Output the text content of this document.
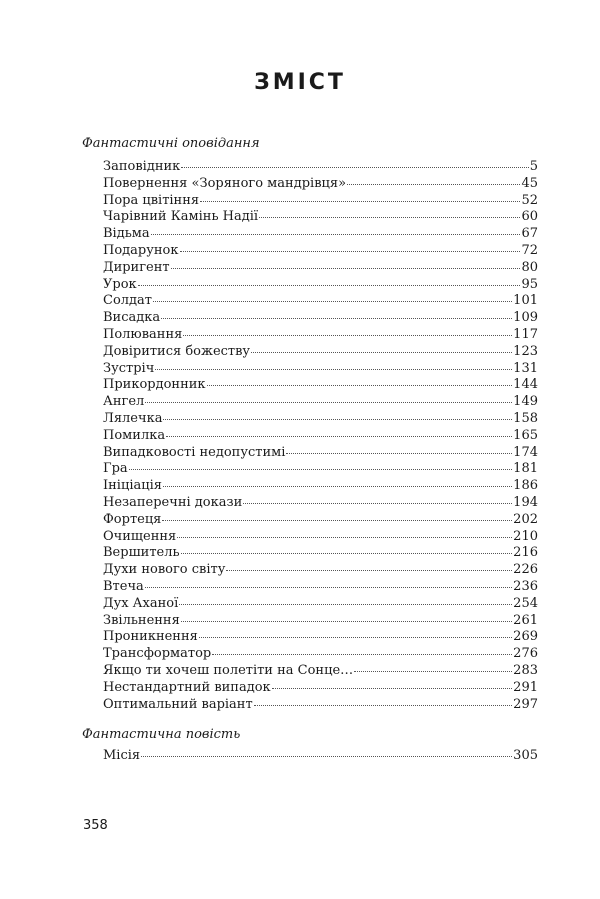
ЗМІСТ
Фантастичні оповідання
Заповідник	5
Повернення «Зоряного мандрівця»	45
Пора цвітіння	52
Чарівний Камінь Надії	60
Відьма	67
Подарунок	72
Диригент	80
Урок	95
Солдат	101
Висадка	109
Полювання	117
Довіритися божеству	123
Зустріч	131
Прикордонник	144
Ангел	149
Лялечка	158
Помилка	165
Випадковості недопустимі	174
Гра	181
Ініціація	186
Незаперечні докази	194
Фортеця	202
Очищення	210
Вершитель	216
Духи нового світу	226
Втеча	236
Дух Аханої	254
Звільнення	261
Проникнення	269
Трансформатор	276
Якщо ти хочеш полетіти на Сонце…	283
Нестандартний випадок	291
Оптимальний варіант	297
Фантастична повість
Місія	305
358
